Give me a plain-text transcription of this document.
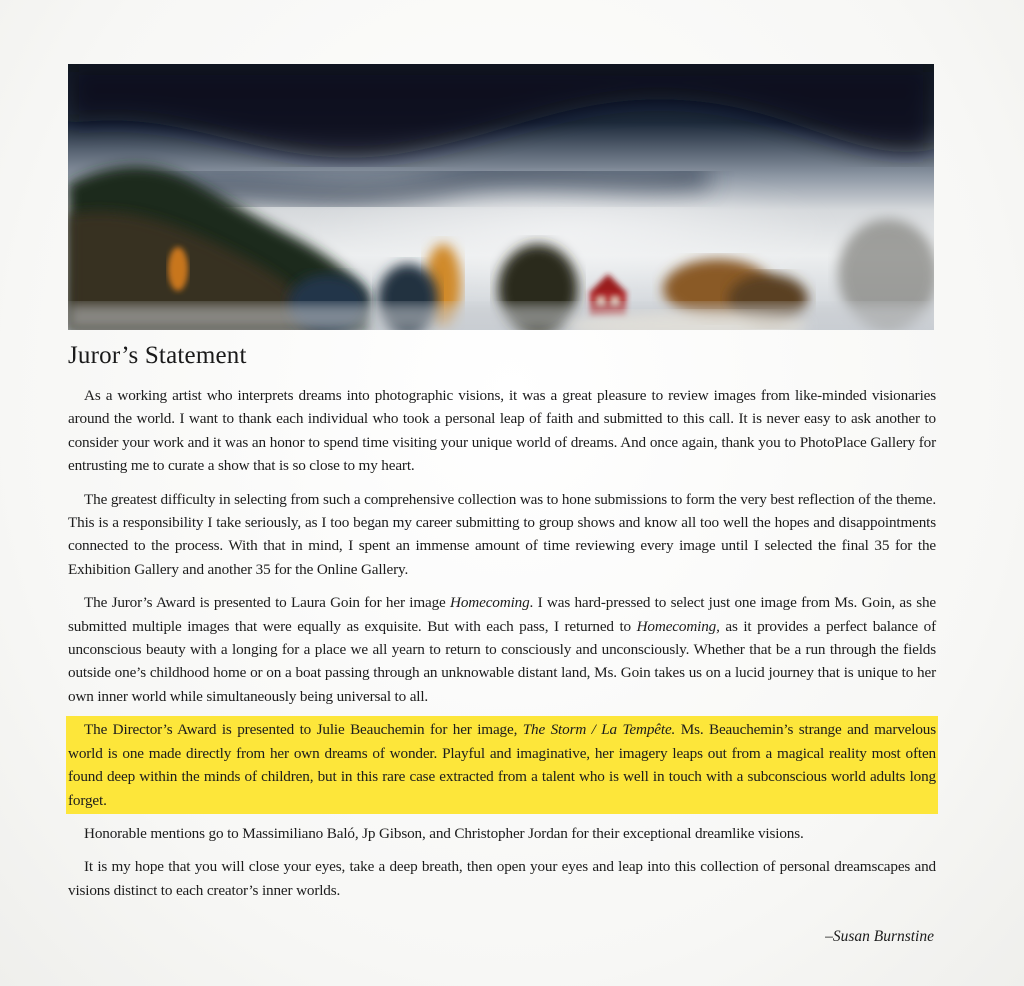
Juror’s Statement

As a working artist who interprets dreams into photographic visions, it was a great pleasure to review images from like-minded visionaries around the world. I want to thank each individual who took a personal leap of faith and submitted to this call. It is never easy to ask another to consider your work and it was an honor to spend time visiting your unique world of dreams. And once again, thank you to PhotoPlace Gallery for entrusting me to curate a show that is so close to my heart.

The greatest difficulty in selecting from such a comprehensive collection was to hone submissions to form the very best reflection of the theme. This is a responsibility I take seriously, as I too began my career submitting to group shows and know all too well the hopes and disappointments connected to the process. With that in mind, I spent an immense amount of time reviewing every image until I selected the final 35 for the Exhibition Gallery and another 35 for the Online Gallery.

The Juror’s Award is presented to Laura Goin for her image Homecoming. I was hard-pressed to select just one image from Ms. Goin, as she submitted multiple images that were equally as exquisite. But with each pass, I returned to Homecoming, as it provides a perfect balance of unconscious beauty with a longing for a place we all yearn to return to consciously and unconsciously. Whether that be a run through the fields outside one’s childhood home or on a boat passing through an unknowable distant land, Ms. Goin takes us on a lucid journey that is unique to her own inner world while simultaneously being universal to all.

The Director’s Award is presented to Julie Beauchemin for her image, The Storm / La Tempête. Ms. Beauchemin’s strange and marvelous world is one made directly from her own dreams of wonder. Playful and imaginative, her imagery leaps out from a magical reality most often found deep within the minds of children, but in this rare case extracted from a talent who is well in touch with a subconscious world adults long forget.

Honorable mentions go to Massimiliano Baló, Jp Gibson, and Christopher Jordan for their exceptional dreamlike visions.

It is my hope that you will close your eyes, take a deep breath, then open your eyes and leap into this collection of personal dreamscapes and visions distinct to each creator’s inner worlds.

–Susan Burnstine
